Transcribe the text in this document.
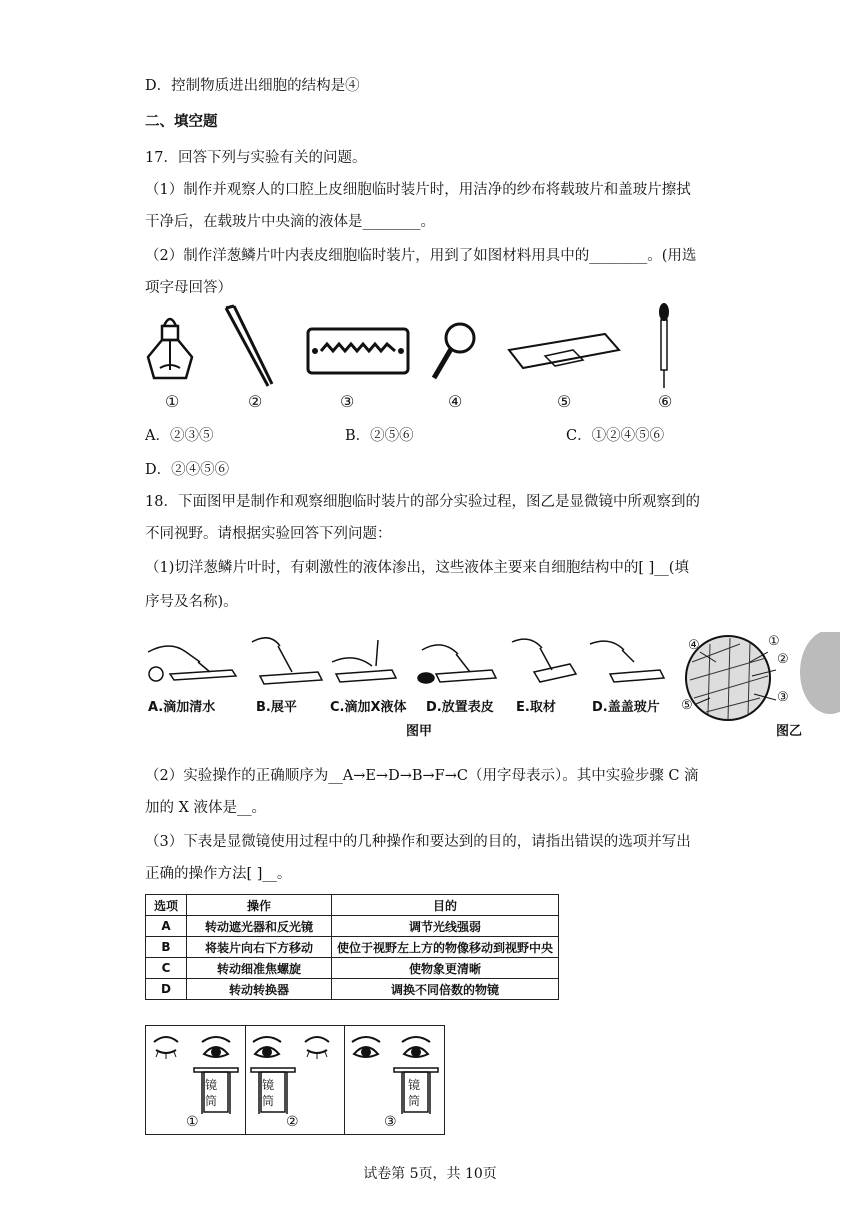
D．控制物质进出细胞的结构是④
二、填空题
17．回答下列与实验有关的问题。
（1）制作并观察人的口腔上皮细胞临时装片时，用洁净的纱布将载玻片和盖玻片擦拭
干净后，在载玻片中央滴的液体是________。
（2）制作洋葱鳞片叶内表皮细胞临时装片，用到了如图材料用具中的________。(用选
项字母回答）
①	②	③	④	⑤	⑥
A．②③⑤	B．②⑤⑥	C．①②④⑤⑥
D．②④⑤⑥
18．下面图甲是制作和观察细胞临时装片的部分实验过程，图乙是显微镜中所观察到的
不同视野。请根据实验回答下列问题：
（1)切洋葱鳞片叶时，有刺激性的液体渗出，这些液体主要来自细胞结构中的[ ]__(填
序号及名称)。
④	①
②
③
⑤
A.滴加清水	B.展平	C.滴加X液体 D.放置表皮 E.取材	D.盖盖玻片
图甲	图乙
（2）实验操作的正确顺序为__A→E→D→B→F→C（用字母表示）。其中实验步骤 C 滴
加的 X 液体是__。
（3）下表是显微镜使用过程中的几种操作和要达到的目的，请指出错误的选项并写出
正确的操作方法[ ]__。
选项	操作	目的
A	转动遮光器和反光镜	调节光线强弱
B	将装片向右下方移动	使位于视野左上方的物像移动到视野中央
C	转动细准焦螺旋	使物象更清晰
D	转动转换器	调换不同倍数的物镜
镜
筒
镜
筒
镜
筒
①	②	③
试卷第 5页，共 10页
